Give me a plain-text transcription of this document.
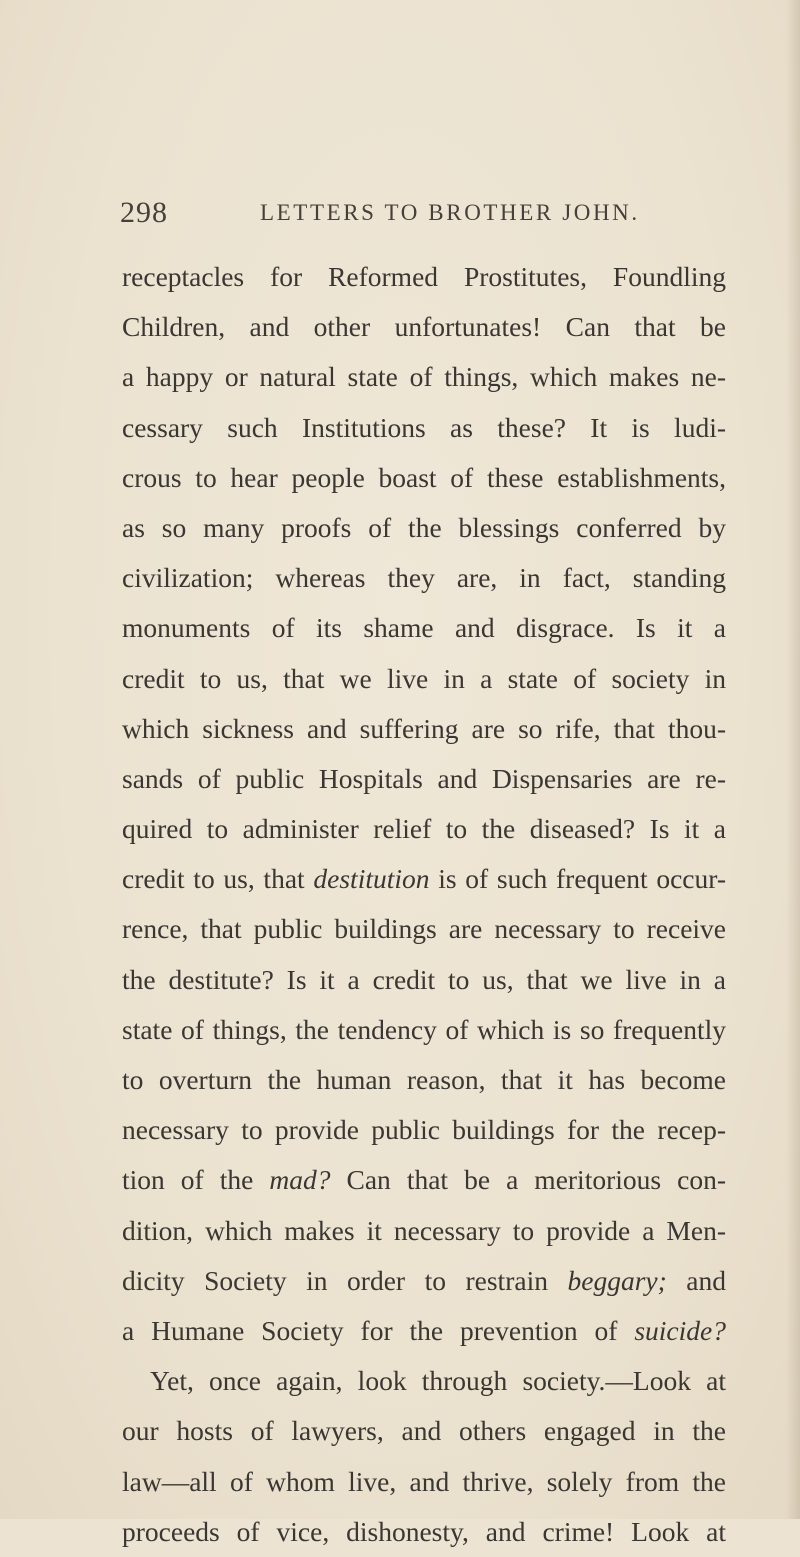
298	LETTERS TO BROTHER JOHN.
receptacles for Reformed Prostitutes, Foundling
Children, and other unfortunates! Can that be
a happy or natural state of things, which makes ne-
cessary such Institutions as these? It is ludi-
crous to hear people boast of these establishments,
as so many proofs of the blessings conferred by
civilization; whereas they are, in fact, standing
monuments of its shame and disgrace. Is it a
credit to us, that we live in a state of society in
which sickness and suffering are so rife, that thou-
sands of public Hospitals and Dispensaries are re-
quired to administer relief to the diseased? Is it a
credit to us, that destitution is of such frequent occur-
rence, that public buildings are necessary to receive
the destitute? Is it a credit to us, that we live in a
state of things, the tendency of which is so frequently
to overturn the human reason, that it has become
necessary to provide public buildings for the recep-
tion of the mad? Can that be a meritorious con-
dition, which makes it necessary to provide a Men-
dicity Society in order to restrain beggary; and
a Humane Society for the prevention of suicide?
Yet, once again, look through society.—Look at
our hosts of lawyers, and others engaged in the
law—all of whom live, and thrive, solely from the
proceeds of vice, dishonesty, and crime! Look at
